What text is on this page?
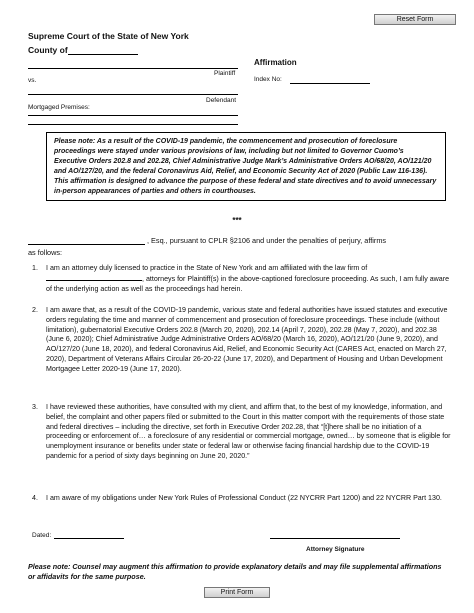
Reset Form
Supreme Court of the State of New York
County of
Plaintiff
vs.
Defendant
Mortgaged Premises:
Affirmation
Index No:
Please note: As a result of the COVID-19 pandemic, the commencement and prosecution of foreclosure proceedings were stayed under various provisions of law, including but not limited to Governor Cuomo’s Executive Orders 202.8 and 202.28, Chief Administrative Judge Mark’s Administrative Orders AO/68/20, AO/121/20 and AO/127/20, and the federal Coronavirus Aid, Relief, and Economic Security Act of 2020 (Public Law 116-136). This affirmation is designed to advance the purpose of these federal and state directives and to avoid unnecessary in-person appearances of parties and others in courthouses.
***
, Esq., pursuant to CPLR §2106 and under the penalties of perjury, affirms
as follows:
1.	I am an attorney duly licensed to practice in the State of New York and am affiliated with the law firm of , attorneys for Plaintiff(s) in the above-captioned foreclosure proceeding. As such, I am fully aware of the underlying action as well as the proceedings had herein.
2.	I am aware that, as a result of the COVID-19 pandemic, various state and federal authorities have issued statutes and executive orders regulating the time and manner of commencement and prosecution of foreclosure proceedings. These include (without limitation), gubernatorial Executive Orders 202.8 (March 20, 2020), 202.14 (April 7, 2020), 202.28 (May 7, 2020), and 202.38 (June 6, 2020); Chief Administrative Judge Administrative Orders AO/68/20 (March 16, 2020), AO/121/20 (June 9, 2020), and AO/127/20 (June 18, 2020), and federal Coronavirus Aid, Relief, and Economic Security Act (CARES Act, enacted on March 27, 2020), Department of Veterans Affairs Circular 26-20-22 (June 17, 2020), and Department of Housing and Urban Development Mortgagee Letter 2020-19 (June 17, 2020).
3.	I have reviewed these authorities, have consulted with my client, and affirm that, to the best of my knowledge, information, and belief, the complaint and other papers filed or submitted to the Court in this matter comport with the requirements of those state and federal directives – including the directive, set forth in Executive Order 202.28, that “[t]here shall be no initiation of a proceeding or enforcement of… a foreclosure of any residential or commercial mortgage, owned… by someone that is eligible for unemployment insurance or benefits under state or federal law or otherwise facing financial hardship due to the COVID-19 pandemic for a period of sixty days beginning on June 20, 2020.”
4.	I am aware of my obligations under New York Rules of Professional Conduct (22 NYCRR Part 1200) and 22 NYCRR Part 130.
Dated:
Attorney Signature
Please note: Counsel may augment this affirmation to provide explanatory details and may file supplemental affirmations or affidavits for the same purpose.
Print Form
